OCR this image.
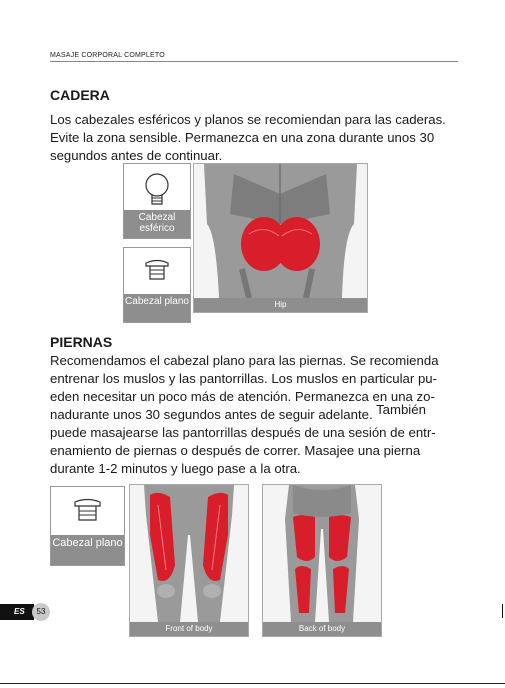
MASAJE CORPORAL COMPLETO
CADERA
Los cabezales esféricos y planos se recomiendan para las caderas. Evite la zona sensible. Permanezca en una zona durante unos 30 segundos antes de continuar.
Cabezal esférico
Cabezal plano	Hip
PIERNAS
Recomendamos el cabezal plano para las piernas. Se recomienda entrenar los muslos y las pantorrillas. Los muslos en particular pu-eden necesitar un poco más de atención. Permanezca en una zo-nadurante unos 30 segundos antes de seguir adelante. También puede masajearse las pantorrillas después de una sesión de entr-enamiento de piernas o después de correr. Masajee una pierna durante 1-2 minutos y luego pase a la otra.
Cabezal plano
Front of body	Back of body
ES	53
